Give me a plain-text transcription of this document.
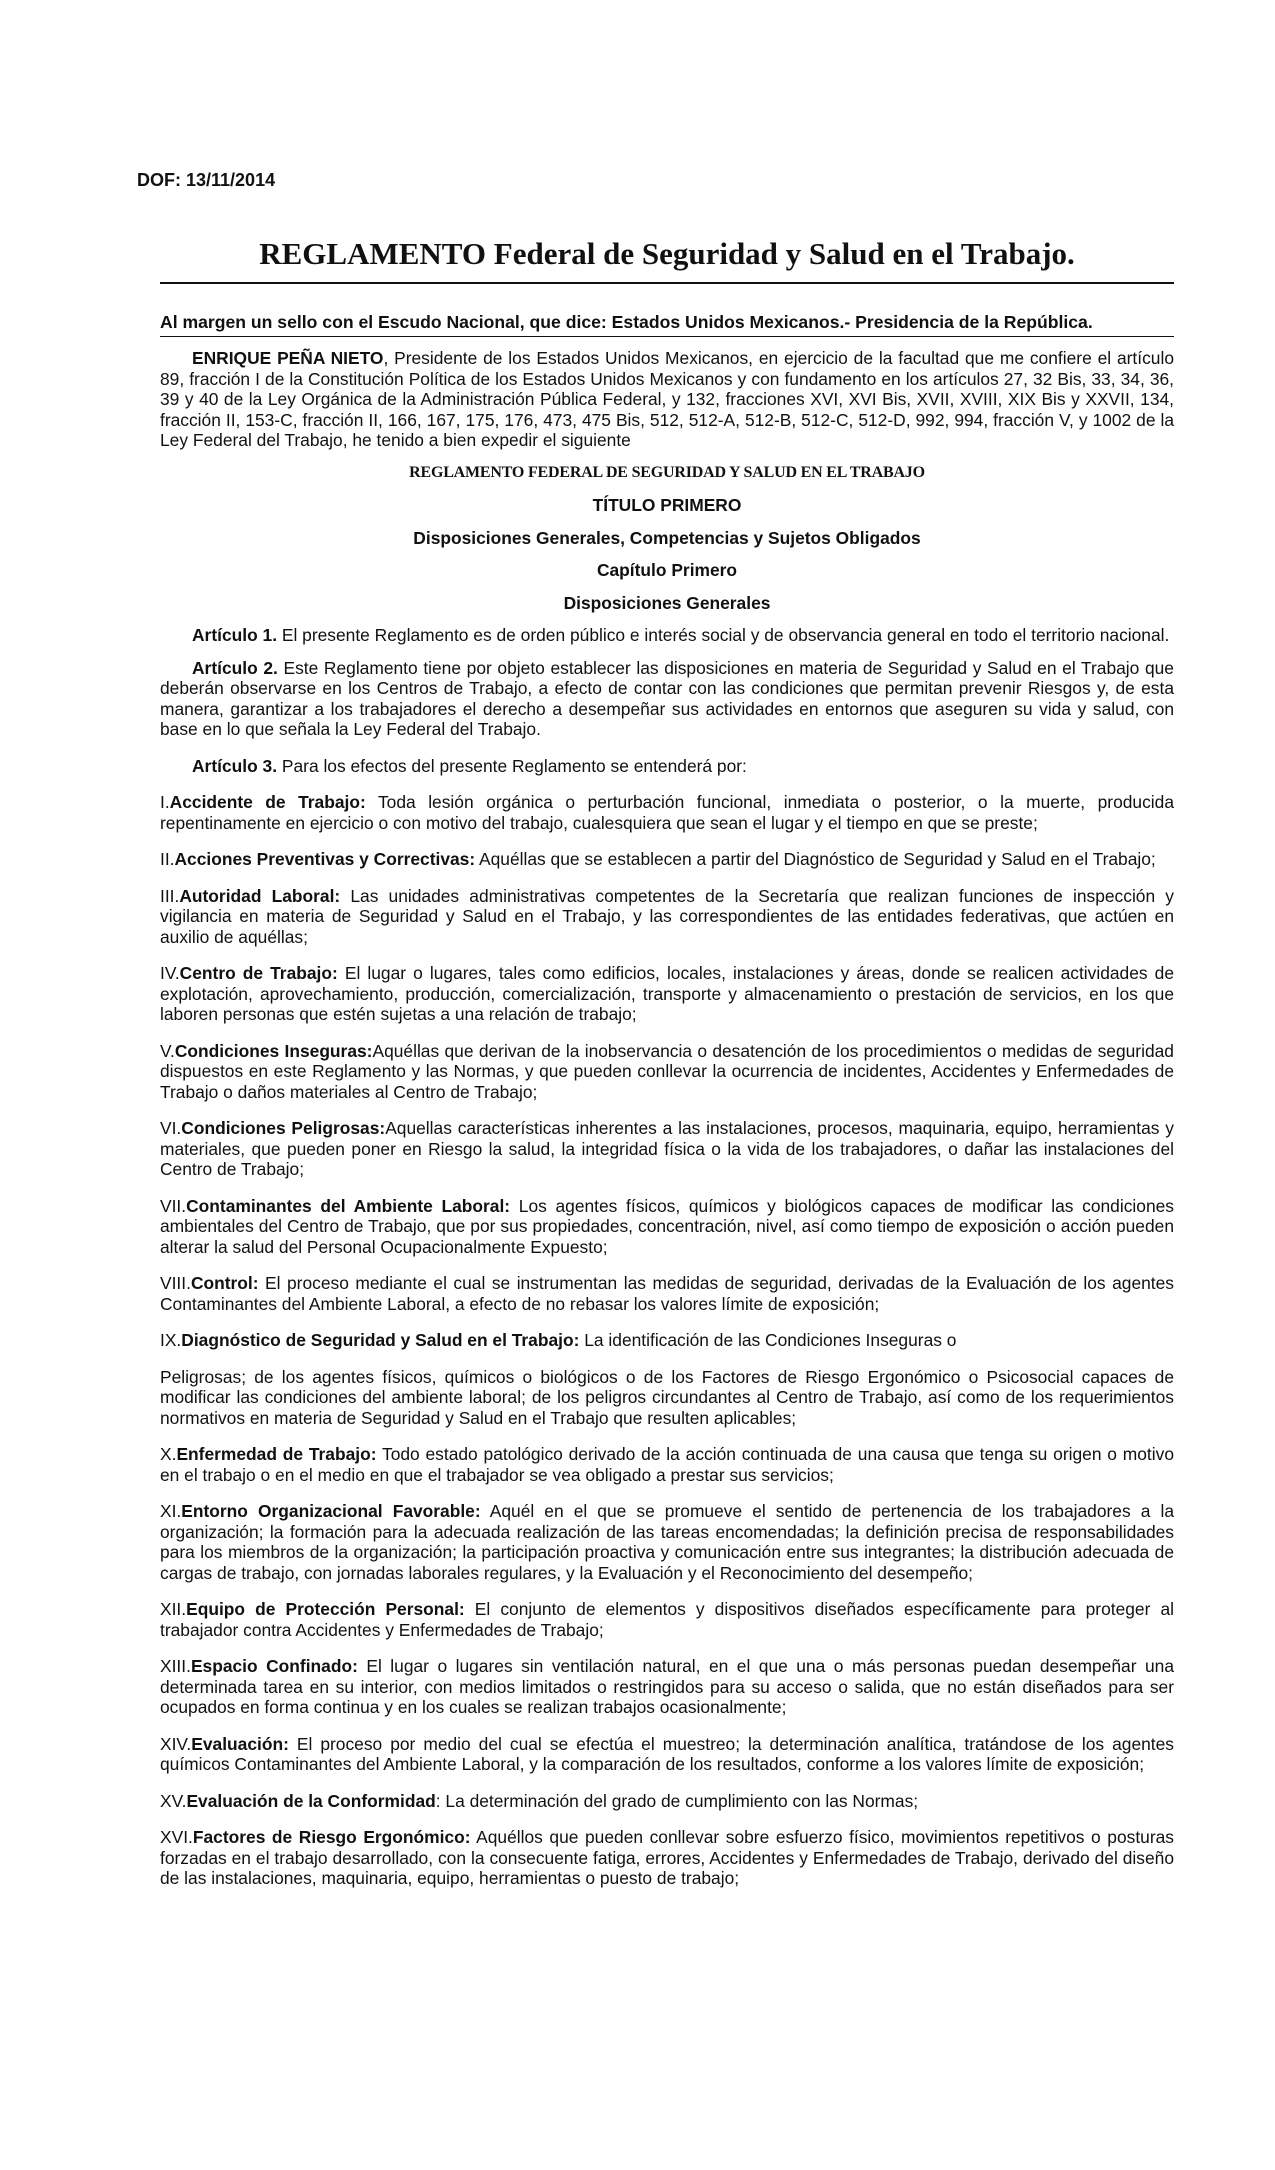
DOF: 13/11/2014
REGLAMENTO Federal de Seguridad y Salud en el Trabajo.
Al margen un sello con el Escudo Nacional, que dice: Estados Unidos Mexicanos.- Presidencia de la República.

ENRIQUE PEÑA NIETO, Presidente de los Estados Unidos Mexicanos, en ejercicio de la facultad que me confiere el artículo 89, fracción I de la Constitución Política de los Estados Unidos Mexicanos y con fundamento en los artículos 27, 32 Bis, 33, 34, 36, 39 y 40 de la Ley Orgánica de la Administración Pública Federal, y 132, fracciones XVI, XVI Bis, XVII, XVIII, XIX Bis y XXVII, 134, fracción II, 153-C, fracción II, 166, 167, 175, 176, 473, 475 Bis, 512, 512-A, 512-B, 512-C, 512-D, 992, 994, fracción V, y 1002 de la Ley Federal del Trabajo, he tenido a bien expedir el siguiente

REGLAMENTO FEDERAL DE SEGURIDAD Y SALUD EN EL TRABAJO

TÍTULO PRIMERO

Disposiciones Generales, Competencias y Sujetos Obligados

Capítulo Primero

Disposiciones Generales

Artículo 1. El presente Reglamento es de orden público e interés social y de observancia general en todo el territorio nacional.

Artículo 2. Este Reglamento tiene por objeto establecer las disposiciones en materia de Seguridad y Salud en el Trabajo que deberán observarse en los Centros de Trabajo, a efecto de contar con las condiciones que permitan prevenir Riesgos y, de esta manera, garantizar a los trabajadores el derecho a desempeñar sus actividades en entornos que aseguren su vida y salud, con base en lo que señala la Ley Federal del Trabajo.

Artículo 3. Para los efectos del presente Reglamento se entenderá por:

I.Accidente de Trabajo: Toda lesión orgánica o perturbación funcional, inmediata o posterior, o la muerte, producida repentinamente en ejercicio o con motivo del trabajo, cualesquiera que sean el lugar y el tiempo en que se preste;

II.Acciones Preventivas y Correctivas: Aquéllas que se establecen a partir del Diagnóstico de Seguridad y Salud en el Trabajo;

III.Autoridad Laboral: Las unidades administrativas competentes de la Secretaría que realizan funciones de inspección y vigilancia en materia de Seguridad y Salud en el Trabajo, y las correspondientes de las entidades federativas, que actúen en auxilio de aquéllas;

IV.Centro de Trabajo: El lugar o lugares, tales como edificios, locales, instalaciones y áreas, donde se realicen actividades de explotación, aprovechamiento, producción, comercialización, transporte y almacenamiento o prestación de servicios, en los que laboren personas que estén sujetas a una relación de trabajo;

V.Condiciones Inseguras:Aquéllas que derivan de la inobservancia o desatención de los procedimientos o medidas de seguridad dispuestos en este Reglamento y las Normas, y que pueden conllevar la ocurrencia de incidentes, Accidentes y Enfermedades de Trabajo o daños materiales al Centro de Trabajo;

VI.Condiciones Peligrosas:Aquellas características inherentes a las instalaciones, procesos, maquinaria, equipo, herramientas y materiales, que pueden poner en Riesgo la salud, la integridad física o la vida de los trabajadores, o dañar las instalaciones del Centro de Trabajo;

VII.Contaminantes del Ambiente Laboral: Los agentes físicos, químicos y biológicos capaces de modificar las condiciones ambientales del Centro de Trabajo, que por sus propiedades, concentración, nivel, así como tiempo de exposición o acción pueden alterar la salud del Personal Ocupacionalmente Expuesto;

VIII.Control: El proceso mediante el cual se instrumentan las medidas de seguridad, derivadas de la Evaluación de los agentes Contaminantes del Ambiente Laboral, a efecto de no rebasar los valores límite de exposición;

IX.Diagnóstico de Seguridad y Salud en el Trabajo: La identificación de las Condiciones Inseguras o

Peligrosas; de los agentes físicos, químicos o biológicos o de los Factores de Riesgo Ergonómico o Psicosocial capaces de modificar las condiciones del ambiente laboral; de los peligros circundantes al Centro de Trabajo, así como de los requerimientos normativos en materia de Seguridad y Salud en el Trabajo que resulten aplicables;

X.Enfermedad de Trabajo: Todo estado patológico derivado de la acción continuada de una causa que tenga su origen o motivo en el trabajo o en el medio en que el trabajador se vea obligado a prestar sus servicios;

XI.Entorno Organizacional Favorable: Aquél en el que se promueve el sentido de pertenencia de los trabajadores a la organización; la formación para la adecuada realización de las tareas encomendadas; la definición precisa de responsabilidades para los miembros de la organización; la participación proactiva y comunicación entre sus integrantes; la distribución adecuada de cargas de trabajo, con jornadas laborales regulares, y la Evaluación y el Reconocimiento del desempeño;

XII.Equipo de Protección Personal: El conjunto de elementos y dispositivos diseñados específicamente para proteger al trabajador contra Accidentes y Enfermedades de Trabajo;

XIII.Espacio Confinado: El lugar o lugares sin ventilación natural, en el que una o más personas puedan desempeñar una determinada tarea en su interior, con medios limitados o restringidos para su acceso o salida, que no están diseñados para ser ocupados en forma continua y en los cuales se realizan trabajos ocasionalmente;

XIV.Evaluación: El proceso por medio del cual se efectúa el muestreo; la determinación analítica, tratándose de los agentes químicos Contaminantes del Ambiente Laboral, y la comparación de los resultados, conforme a los valores límite de exposición;

XV.Evaluación de la Conformidad: La determinación del grado de cumplimiento con las Normas;

XVI.Factores de Riesgo Ergonómico: Aquéllos que pueden conllevar sobre esfuerzo físico, movimientos repetitivos o posturas forzadas en el trabajo desarrollado, con la consecuente fatiga, errores, Accidentes y Enfermedades de Trabajo, derivado del diseño de las instalaciones, maquinaria, equipo, herramientas o puesto de trabajo;
